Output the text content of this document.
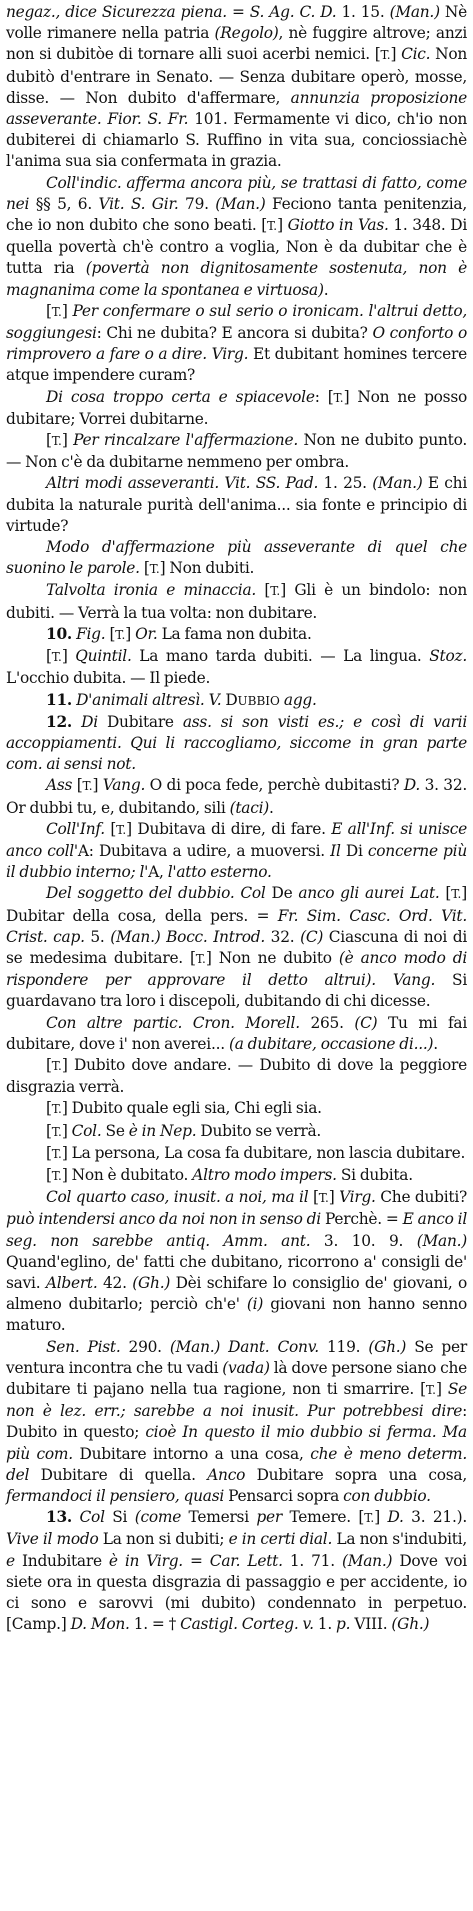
negaz., dice Sicurezza piena. = S. Ag. C. D. 1. 15. (Man.) Nè volle rimanere nella patria (Regolo), nè fuggire altrove; anzi non si dubitòe di tornare alli suoi acerbi nemici. [T.] Cic. Non dubitò d'entrare in Senato. — Senza dubitare operò, mosse, disse. — Non dubito d'affermare, annunzia proposizione asseverante. Fior. S. Fr. 101. Fermamente vi dico, ch'io non dubiterei di chiamarlo S. Ruffino in vita sua, conciossiachè l'anima sua sia confermata in grazia.

Coll'indic. afferma ancora più, se trattasi di fatto, come nei §§ 5, 6. Vit. S. Gir. 79. (Man.) Feciono tanta penitenzia, che io non dubito che sono beati. [T.] Giotto in Vas. 1. 348. Di quella povertà ch'è contro a voglia, Non è da dubitar che è tutta ria (povertà non dignitosamente sostenuta, non è magnanima come la spontanea e virtuosa).

[T.] Per confermare o sul serio o ironicam. l'altrui detto, soggiungesi: Chi ne dubita? E ancora si dubita? O conforto o rimprovero a fare o a dire. Virg. Et dubitant homines tercere atque impendere curam?

Di cosa troppo certa e spiacevole: [T.] Non ne posso dubitare; Vorrei dubitarne.

[T.] Per rincalzare l'affermazione. Non ne dubito punto. — Non c'è da dubitarne nemmeno per ombra.

Altri modi asseveranti. Vit. SS. Pad. 1. 25. (Man.) E chi dubita la naturale purità dell'anima... sia fonte e principio di virtude?

Modo d'affermazione più asseverante di quel che suonino le parole. [T.] Non dubiti.

Talvolta ironia e minaccia. [T.] Gli è un bindolo: non dubiti. — Verrà la tua volta: non dubitare.

10. Fig. [T.] Or. La fama non dubita.

[T.] Quintil. La mano tarda dubiti. — La lingua. Stoz. L'occhio dubita. — Il piede.

11. D'animali altresì. V. DUBBIO agg.

12. Di Dubitare ass. si son visti es.; e così di varii accoppiamenti. Qui li raccogliamo, siccome in gran parte com. ai sensi not.

Ass [T.] Vang. O di poca fede, perchè dubitasti? D. 3. 32. Or dubbi tu, e, dubitando, sili (taci).

Coll'Inf. [T.] Dubitava di dire, di fare. E all'Inf. si unisce anco coll'A: Dubitava a udire, a muoversi. Il Di concerne più il dubbio interno; l'A, l'atto esterno.

Del soggetto del dubbio. Col De anco gli aurei Lat. [T.] Dubitar della cosa, della pers. = Fr. Sim. Casc. Ord. Vit. Crist. cap. 5. (Man.) Bocc. Introd. 32. (C) Ciascuna di noi di se medesima dubitare. [T.] Non ne dubito (è anco modo di rispondere per approvare il detto altrui). Vang. Si guardavano tra loro i discepoli, dubitando di chi dicesse.

Con altre partic. Cron. Morell. 265. (C) Tu mi fai dubitare, dove i' non averei... (a dubitare, occasione di...).

[T.] Dubito dove andare. — Dubito di dove la peggiore disgrazia verrà.

[T.] Dubito quale egli sia, Chi egli sia.

[T.] Col. Se è in Nep. Dubito se verrà.

[T.] La persona, La cosa fa dubitare, non lascia dubitare.

[T.] Non è dubitato. Altro modo impers. Si dubita.

Col quarto caso, inusit. a noi, ma il [T.] Virg. Che dubiti? può intendersi anco da noi non in senso di Perchè. = E anco il seg. non sarebbe antiq. Amm. ant. 3. 10. 9. (Man.) Quand'eglino, de' fatti che dubitano, ricorrono a' consigli de' savi. Albert. 42. (Gh.) Dèi schifare lo consiglio de' giovani, o almeno dubitarlo; perciò ch'e' (i) giovani non hanno senno maturo.

Sen. Pist. 290. (Man.) Dant. Conv. 119. (Gh.) Se per ventura incontra che tu vadi (vada) là dove persone siano che dubitare ti pajano nella tua ragione, non ti smarrire. [T.] Se non è lez. err.; sarebbe a noi inusit. Pur potrebbesi dire: Dubito in questo; cioè In questo il mio dubbio si ferma. Ma più com. Dubitare intorno a una cosa, che è meno determ. del Dubitare di quella. Anco Dubitare sopra una cosa, fermandoci il pensiero, quasi Pensarci sopra con dubbio.

13. Col Si (come Temersi per Temere. [T.] D. 3. 21.). Vive il modo La non si dubiti; e in certi dial. La non s'indubiti, e Indubitare è in Virg. = Car. Lett. 1. 71. (Man.) Dove voi siete ora in questa disgrazia di passaggio e per accidente, io ci sono e sarovvi (mi dubito) condennato in perpetuo. [Camp.] D. Mon. 1. = † Castigl. Corteg. v. 1. p. VIII. (Gh.)
